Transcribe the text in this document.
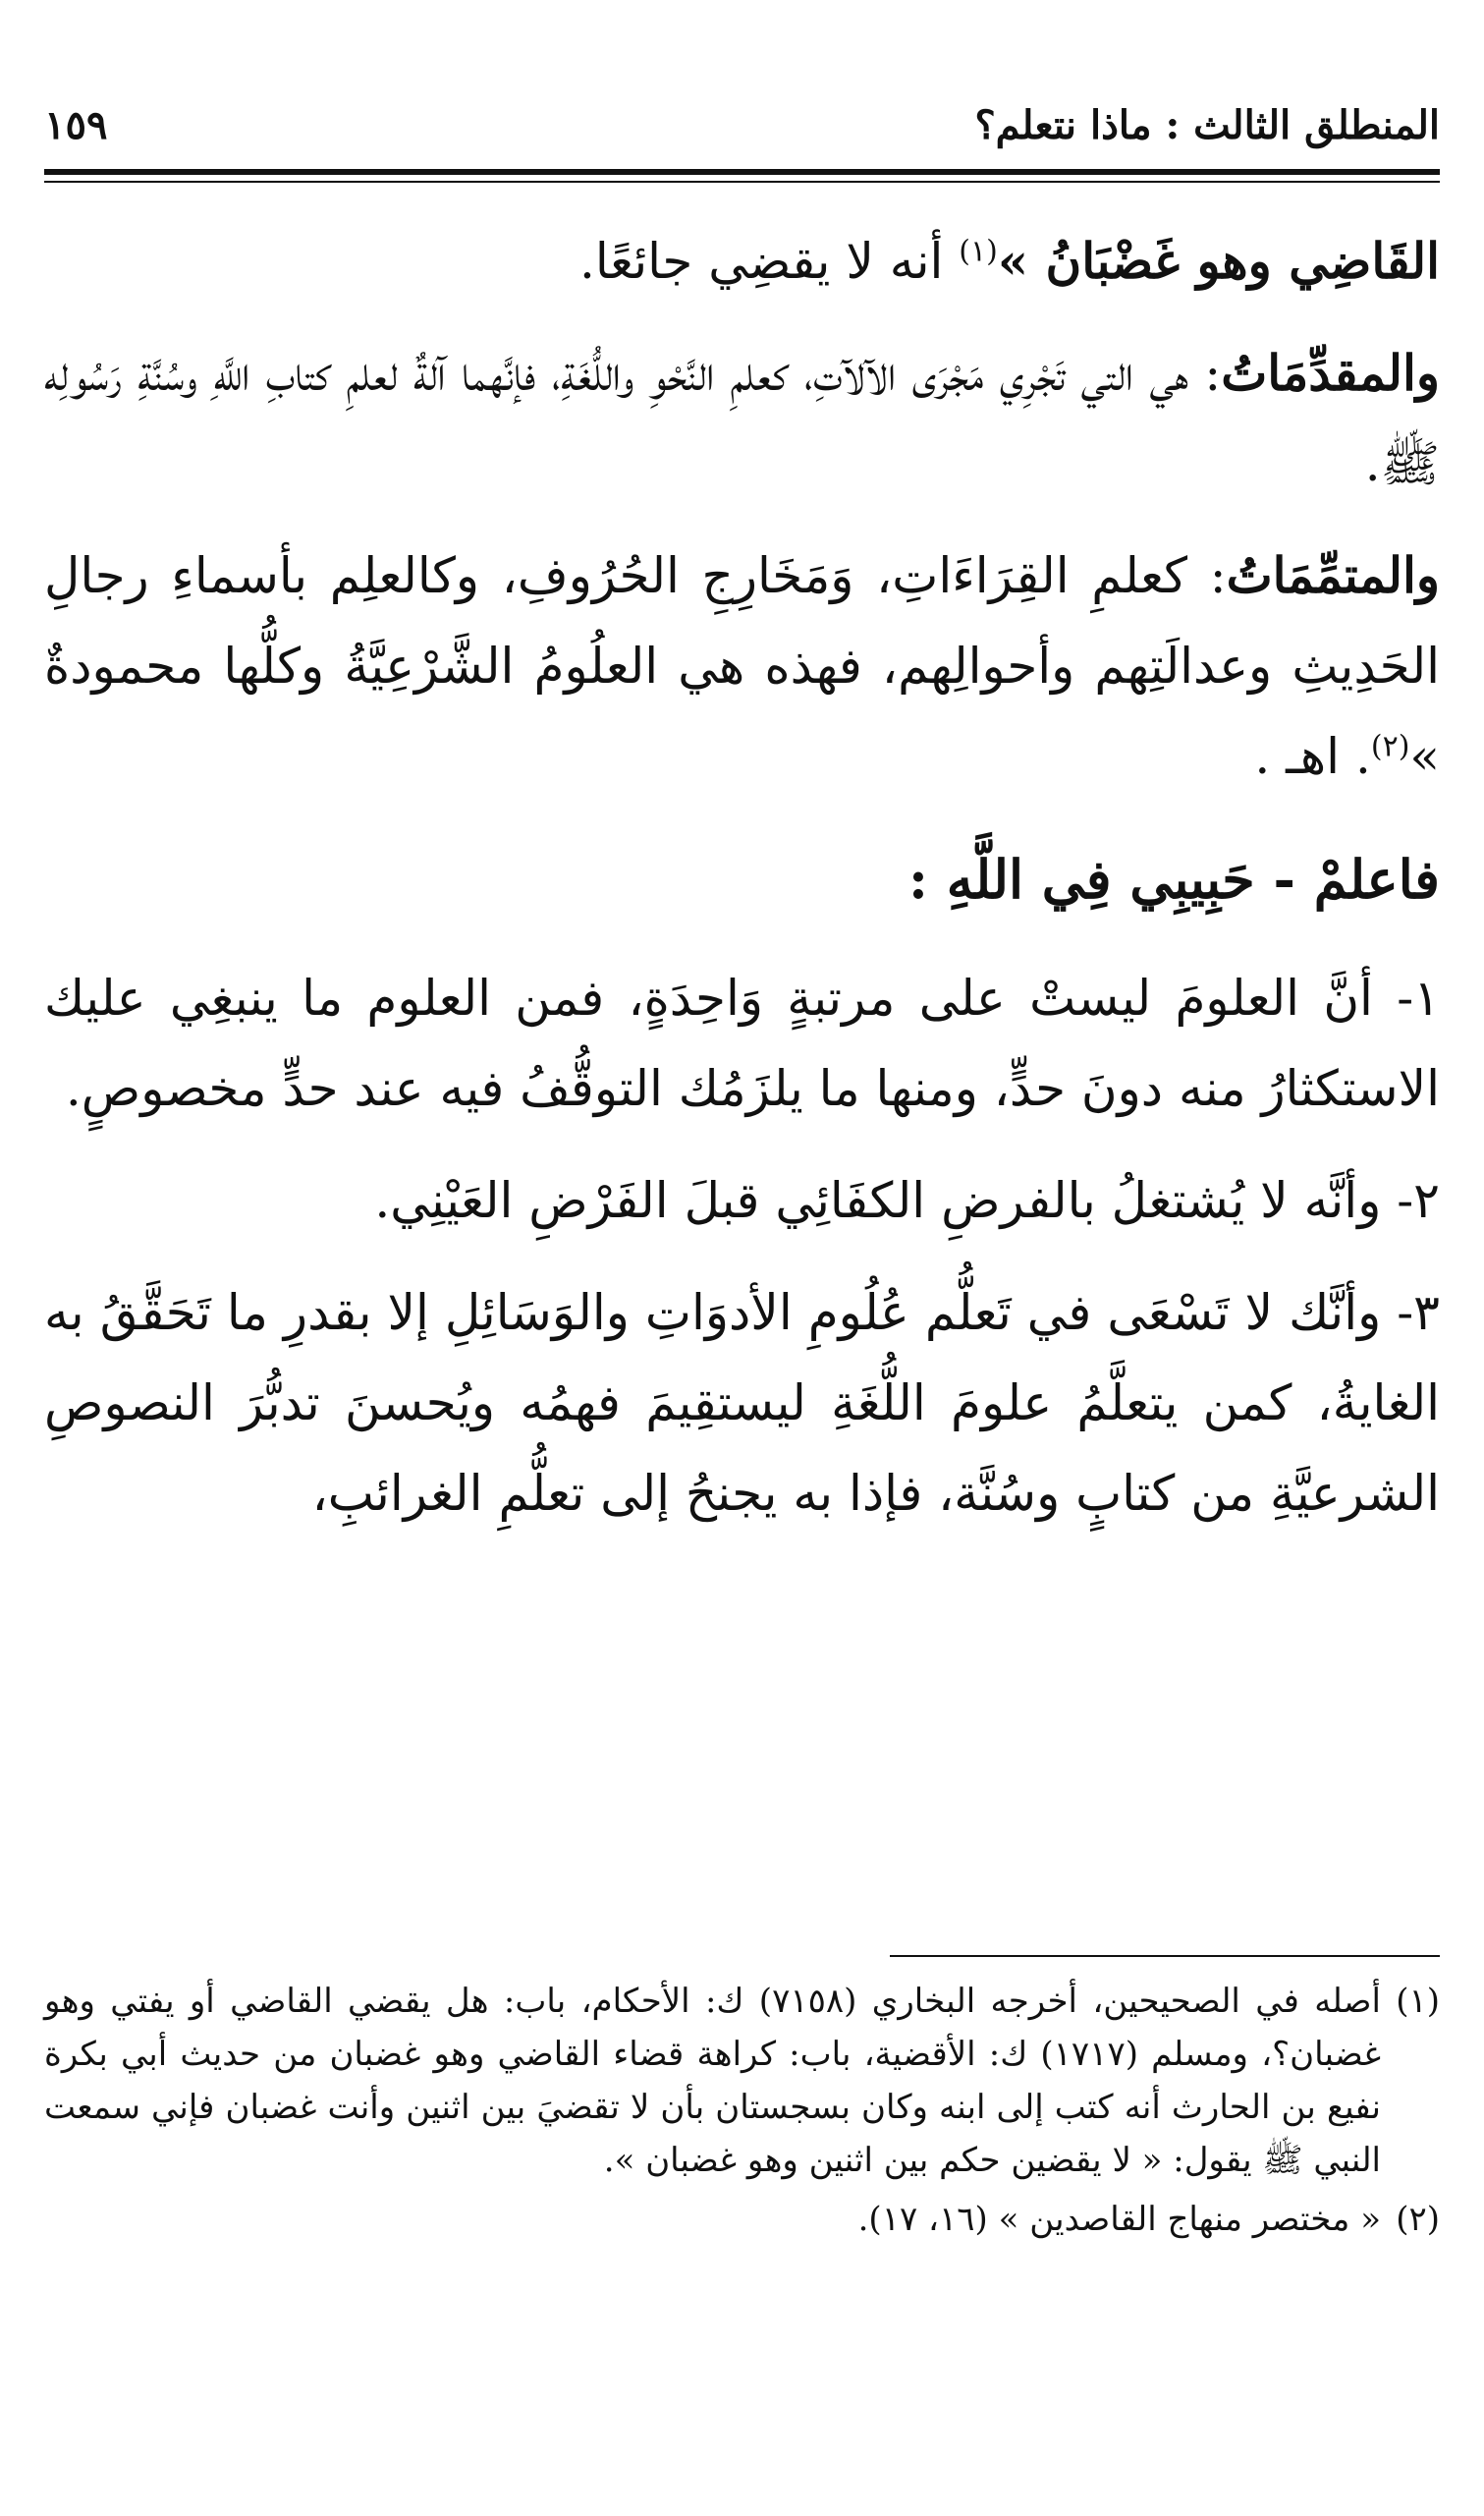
المنطلق الثالث : ماذا نتعلم؟
١٥٩

القَاضِي وهو غَضْبَانُ »$^{(١)}$ أنه لا يقضِي جائعًا.

والمقدِّمَاتُ: هي التي تَجْرِي مَجْرَى الآلآتِ، كعلمِ النَّحْوِ واللُّغَةِ، فإنَّهما آلةٌ لعلمِ كتابِ اللَّهِ وسُنَّةِ رَسُولِه ﷺ.

والمتمِّمَاتُ: كعلمِ القِرَاءَاتِ، وَمَخَارِجِ الحُرُوفِ، وكالعلِم بأسماءِ رجالِ الحَدِيثِ وعدالَتِهم وأحوالِهم، فهذه هي العلُومُ الشَّرْعِيَّةُ وكلُّها محمودةٌ »$^{(٢)}$. اهـ .

فاعلمْ - حَبِيبِي فِي اللَّهِ :

١- أنَّ العلومَ ليستْ على مرتبةٍ وَاحِدَةٍ، فمن العلوم ما ينبغِي عليك الاستكثارُ منه دونَ حدٍّ، ومنها ما يلزَمُك التوقُّفُ فيه عند حدٍّ مخصوصٍ.

٢- وأنَّه لا يُشتغلُ بالفرضِ الكفَائِي قبلَ الفَرْضِ العَيْنِي.

٣- وأنَّك لا تَسْعَى في تَعلُّم عُلُومِ الأدوَاتِ والوَسَائِلِ إلا بقدرِ ما تَحَقَّقُ به الغايةُ، كمن يتعلَّمُ علومَ اللُّغَةِ ليستقِيمَ فهمُه ويُحسنَ تدبُّرَ النصوصِ الشرعيَّةِ من كتابٍ وسُنَّة، فإذا به يجنحُ إلى تعلُّمِ الغرائبِ،

(١)
أصله في الصحيحين، أخرجه البخاري (٧١٥٨) ك: الأحكام، باب: هل يقضي القاضي أو يفتي وهو غضبان؟، ومسلم (١٧١٧) ك: الأقضية، باب: كراهة قضاء القاضي وهو غضبان من حديث أبي بكرة نفيع بن الحارث أنه كتب إلى ابنه وكان بسجستان بأن لا تقضيَ بين اثنين وأنت غضبان فإني سمعت النبي ﷺ يقول: « لا يقضين حكم بين اثنين وهو غضبان ».
(٢)
« مختصر منهاج القاصدين » (١٦، ١٧).
